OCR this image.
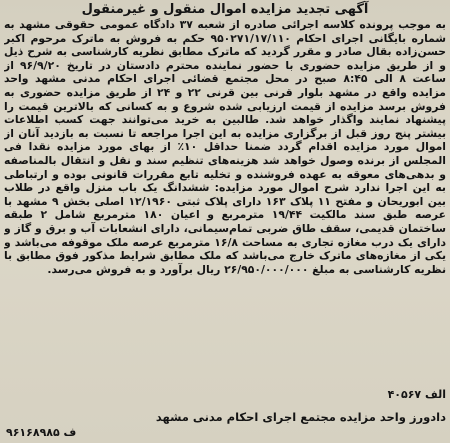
آگهی تجدید مزایده اموال منقول و غیرمنقول
به موجب پرونده کلاسه اجرائی صادره از شعبه ۳۷ دادگاه عمومی حقوقی مشهد به شماره بایگانی اجرای احکام ۹۵۰۲۷۱/۱۷/۱۱۰ حکم به فروش به ماترک مرحوم اکبر حسن‌زاده بقال صادر و مقرر گردید که ماترک مطابق نظریه کارشناسی به شرح ذیل و از طریق مزایده حضوری با حضور نماینده محترم دادستان در تاریخ ۹۶/۹/۲۰ از ساعت ۸ الی ۸:۴۵ صبح در محل مجتمع قضائی اجرای احکام مدنی مشهد واحد مزایده واقع در مشهد بلوار قرنی بین قرنی ۲۲ و ۲۴ از طریق مزایده حضوری به فروش برسد مزایده از قیمت ارزیابی شده شروع و به کسانی که بالاترین قیمت را پیشنهاد نمایند واگذار خواهد شد. طالبین به خرید می‌توانند جهت کسب اطلاعات بیشتر پنج روز قبل از برگزاری مزایده به این اجرا مراجعه تا نسبت به بازدید آنان از اموال مورد مزایده اقدام گردد ضمنا حداقل ۱۰٪ از بهای مورد مزایده نقدا فی المجلس از برنده وصول خواهد شد هزینه‌های تنظیم سند و نقل و انتقال بالمناصفه و بدهی‌های معوقه به عهده فروشنده و تخلیه تابع مقررات قانونی بوده و ارتباطی به این اجرا ندارد شرح اموال مورد مزایده: ششدانگ یک باب منزل واقع در طلاب بین ابوریحان و مفتح ۱۱ پلاک ۱۶۳ دارای پلاک ثبتی ۱۲/۱۹۶۰ اصلی بخش ۹ مشهد با عرصه طبق سند مالکیت ۱۹/۴۴ مترمربع و اعیان ۱۸۰ مترمربع شامل ۲ طبقه ساختمان قدیمی، سقف طاق ضربی تمام‌سیمانی، دارای انشعابات آب و برق و گاز و دارای یک درب مغازه تجاری به مساحت ۱۶/۸ مترمربع عرصه ملک موقوفه می‌باشد و یکی از مغازه‌های ماترک خارج می‌باشد که ملک مطابق شرایط مذکور فوق مطابق با نظریه کارشناسی به مبلغ ۲۶/۹۵۰/۰۰۰/۰۰۰ ریال برآورد و به فروش می‌رسد.
الف ۴۰۵۶۷
دادورز واحد مزایده مجتمع اجرای احکام مدنی مشهد
ف ۹۶۱۶۸۹۸۵
